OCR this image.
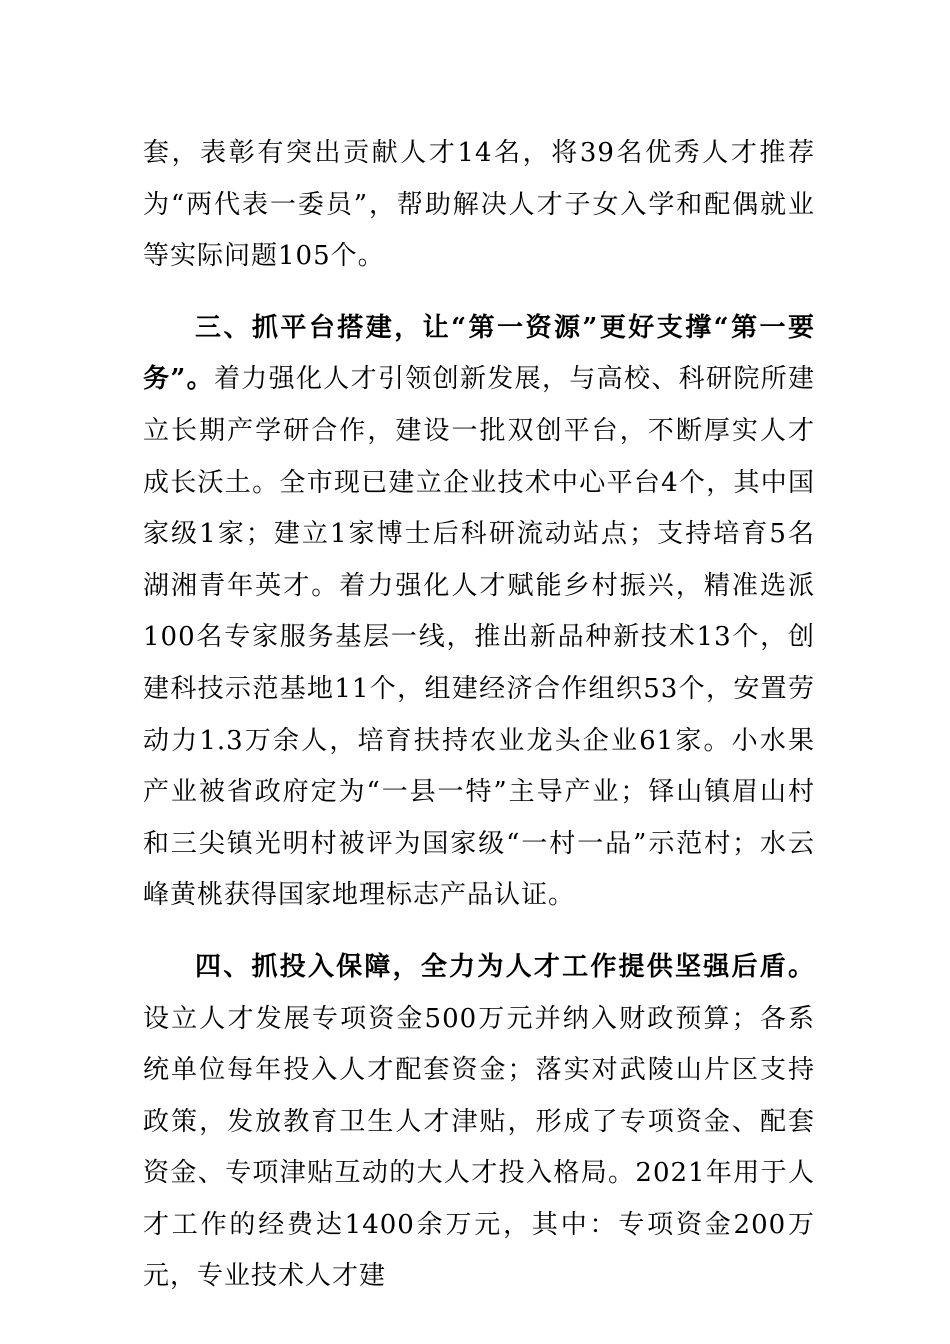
套，表彰有突出贡献人才14名，将39名优秀人才推荐为“两代表一委员”，帮助解决人才子女入学和配偶就业等实际问题105个。

三、抓平台搭建，让“第一资源”更好支撑“第一要务”。着力强化人才引领创新发展，与高校、科研院所建立长期产学研合作，建设一批双创平台，不断厚实人才成长沃土。全市现已建立企业技术中心平台4个，其中国家级1家；建立1家博士后科研流动站点；支持培育5名湖湘青年英才。着力强化人才赋能乡村振兴，精准选派100名专家服务基层一线，推出新品种新技术13个，创建科技示范基地11个，组建经济合作组织53个，安置劳动力1.3万余人，培育扶持农业龙头企业61家。小水果产业被省政府定为“一县一特”主导产业；铎山镇眉山村和三尖镇光明村被评为国家级“一村一品”示范村；水云峰黄桃获得国家地理标志产品认证。

四、抓投入保障，全力为人才工作提供坚强后盾。设立人才发展专项资金500万元并纳入财政预算；各系统单位每年投入人才配套资金；落实对武陵山片区支持政策，发放教育卫生人才津贴，形成了专项资金、配套资金、专项津贴互动的大人才投入格局。2021年用于人才工作的经费达1400余万元，其中：专项资金200万元，专业技术人才建
